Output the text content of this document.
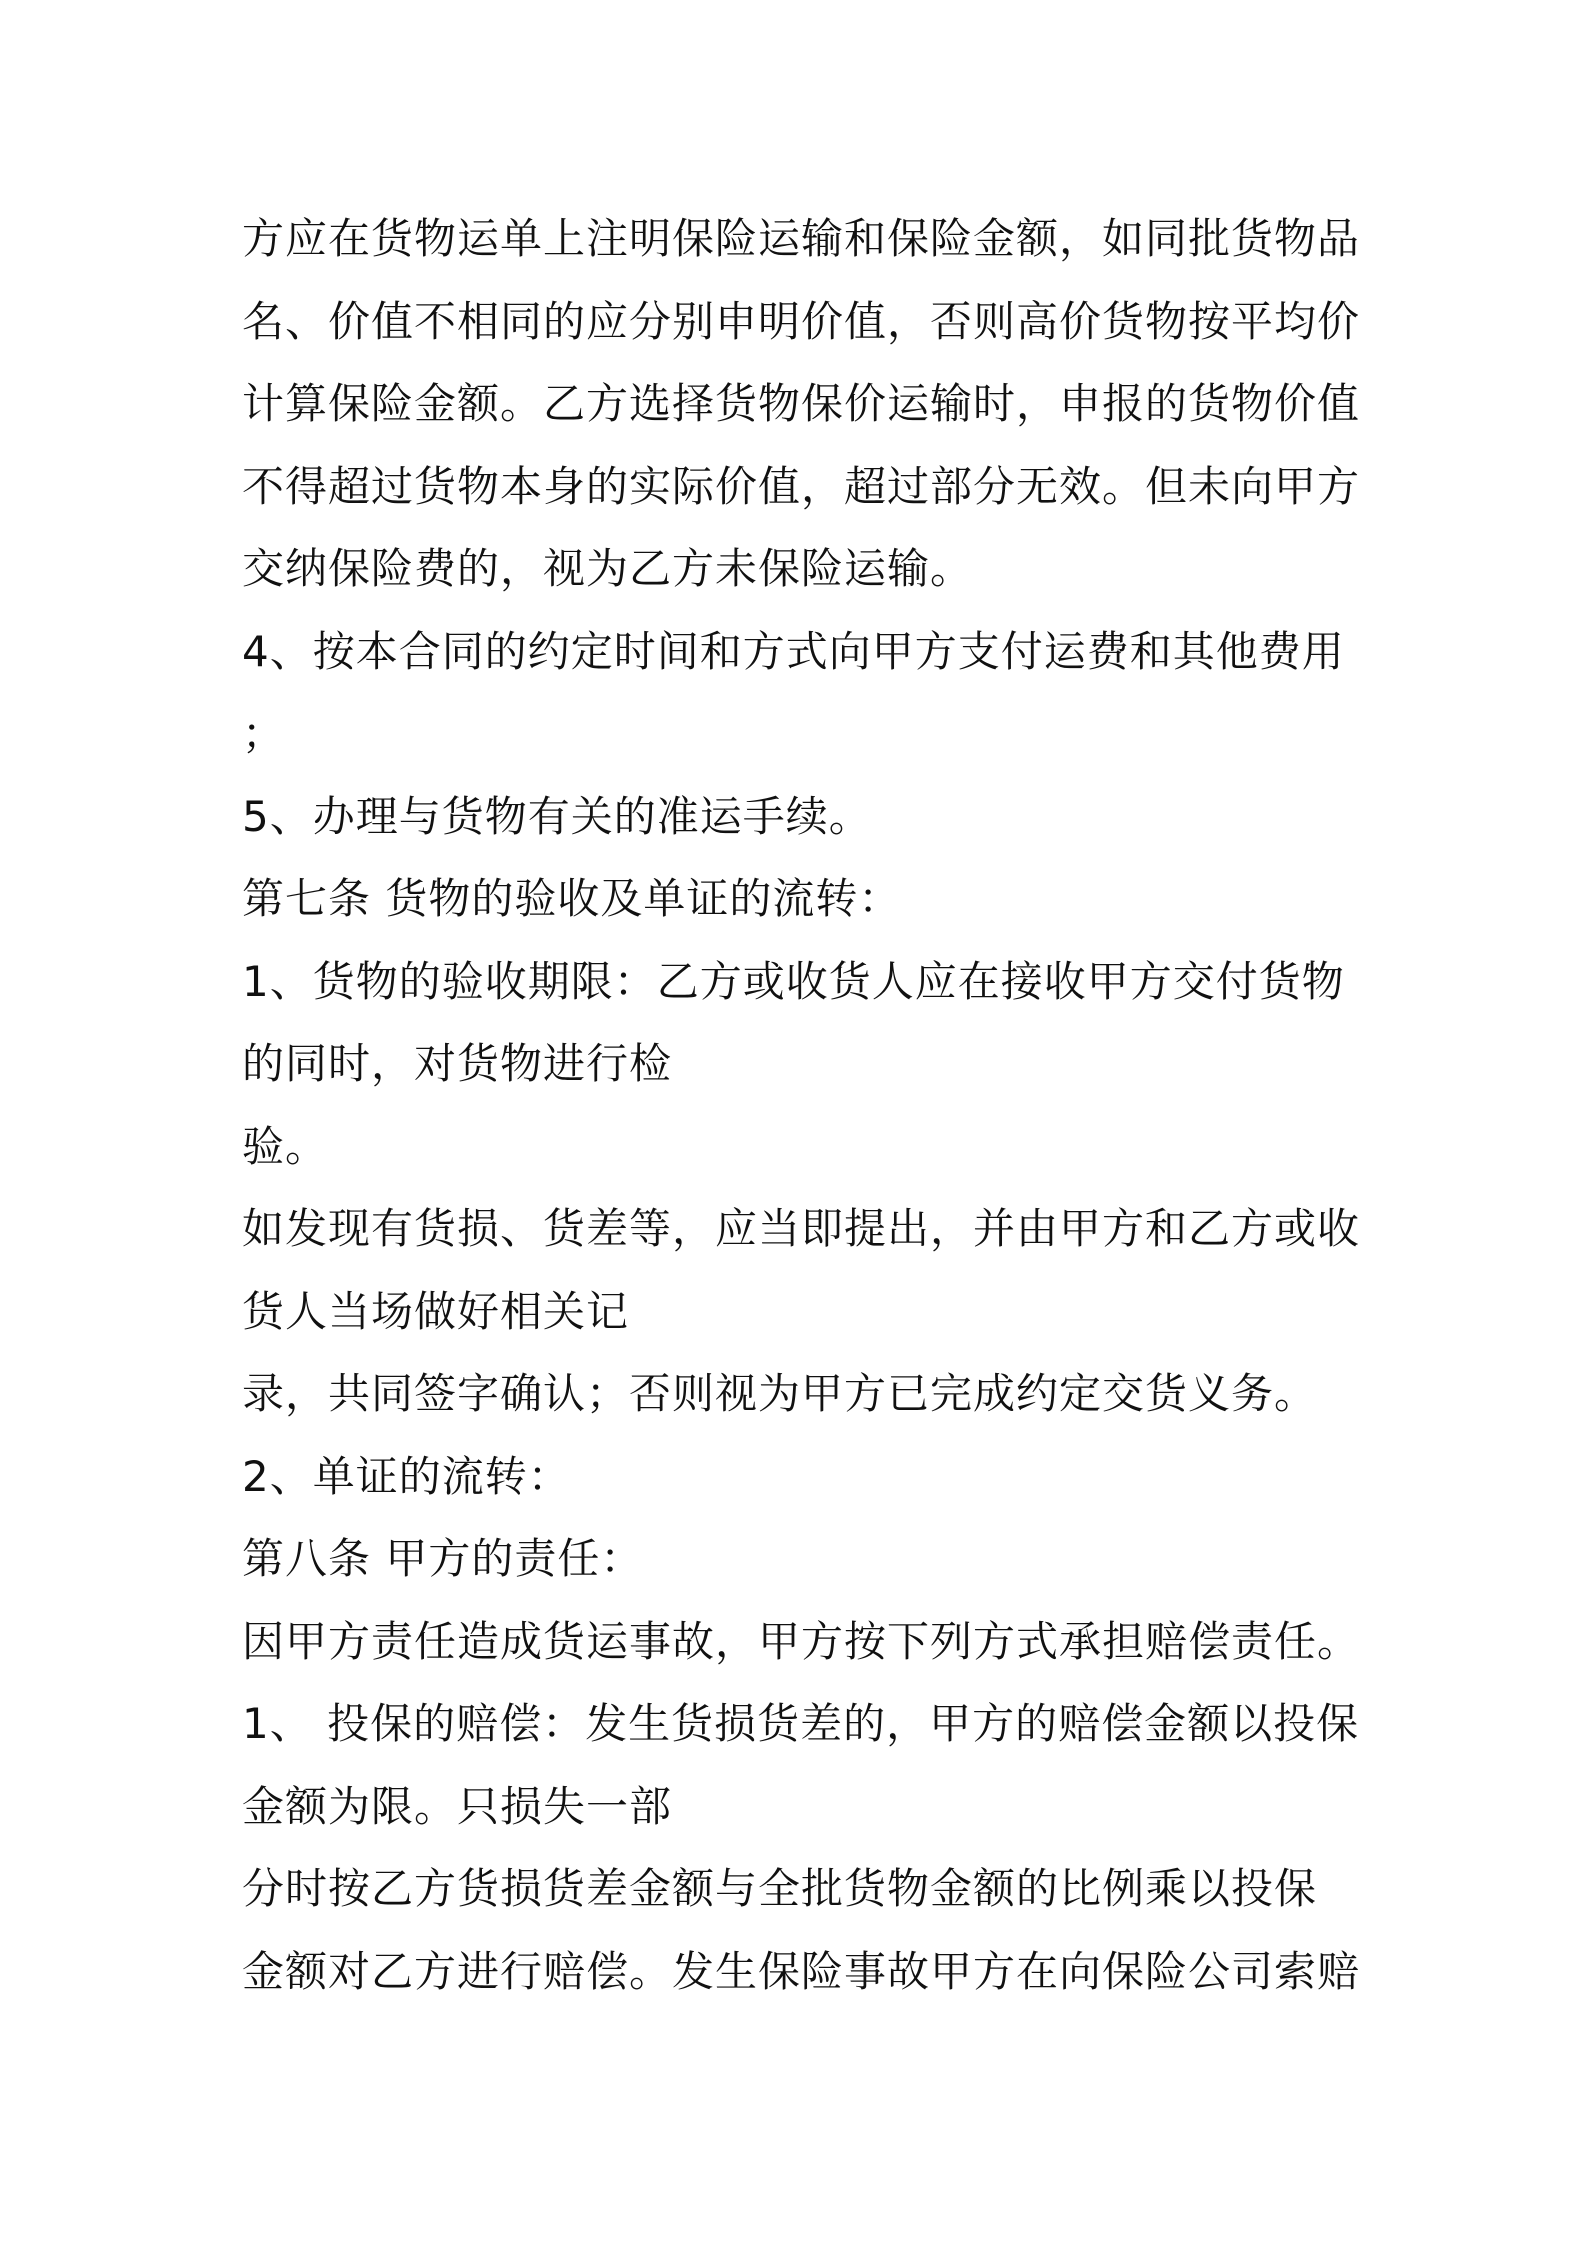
方应在货物运单上注明保险运输和保险金额，如同批货物品
名、价值不相同的应分别申明价值，否则高价货物按平均价
计算保险金额。乙方选择货物保价运输时，申报的货物价值
不得超过货物本身的实际价值，超过部分无效。但未向甲方
交纳保险费的，视为乙方未保险运输。
4、按本合同的约定时间和方式向甲方支付运费和其他费用
；
5、办理与货物有关的准运手续。
第七条 货物的验收及单证的流转：
1、货物的验收期限：乙方或收货人应在接收甲方交付货物
的同时，对货物进行检
验。
如发现有货损、货差等，应当即提出，并由甲方和乙方或收
货人当场做好相关记
录，共同签字确认；否则视为甲方已完成约定交货义务。
2、单证的流转：
第八条 甲方的责任：
因甲方责任造成货运事故，甲方按下列方式承担赔偿责任。
1、 投保的赔偿：发生货损货差的，甲方的赔偿金额以投保
金额为限。只损失一部
分时按乙方货损货差金额与全批货物金额的比例乘以投保
金额对乙方进行赔偿。发生保险事故甲方在向保险公司索赔
